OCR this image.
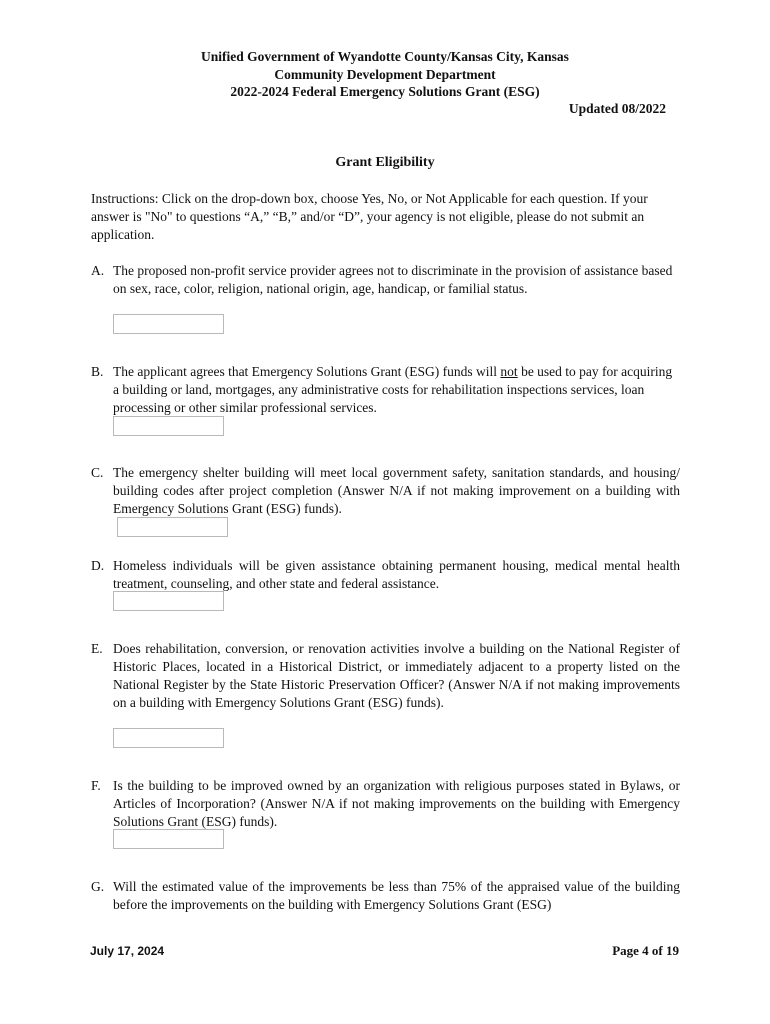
Unified Government of Wyandotte County/Kansas City, Kansas
Community Development Department
2022-2024 Federal Emergency Solutions Grant (ESG)
Updated 08/2022
Grant Eligibility
Instructions: Click on the drop-down box, choose Yes, No, or Not Applicable for each question. If your answer is "No" to questions “A,” “B,” and/or “D”, your agency is not eligible, please do not submit an application.
A. The proposed non-profit service provider agrees not to discriminate in the provision of assistance based on sex, race, color, religion, national origin, age, handicap, or familial status.
B. The applicant agrees that Emergency Solutions Grant (ESG) funds will not be used to pay for acquiring a building or land, mortgages, any administrative costs for rehabilitation inspections services, loan processing or other similar professional services.
C. The emergency shelter building will meet local government safety, sanitation standards, and housing/ building codes after project completion (Answer N/A if not making improvement on a building with Emergency Solutions Grant (ESG) funds).
D. Homeless individuals will be given assistance obtaining permanent housing, medical mental health treatment, counseling, and other state and federal assistance.
E. Does rehabilitation, conversion, or renovation activities involve a building on the National Register of Historic Places, located in a Historical District, or immediately adjacent to a property listed on the National Register by the State Historic Preservation Officer? (Answer N/A if not making improvements on a building with Emergency Solutions Grant (ESG) funds).
F. Is the building to be improved owned by an organization with religious purposes stated in Bylaws, or Articles of Incorporation? (Answer N/A if not making improvements on the building with Emergency Solutions Grant (ESG) funds).
G. Will the estimated value of the improvements be less than 75% of the appraised value of the building before the improvements on the building with Emergency Solutions Grant (ESG)
July 17, 2024	Page 4 of 19
